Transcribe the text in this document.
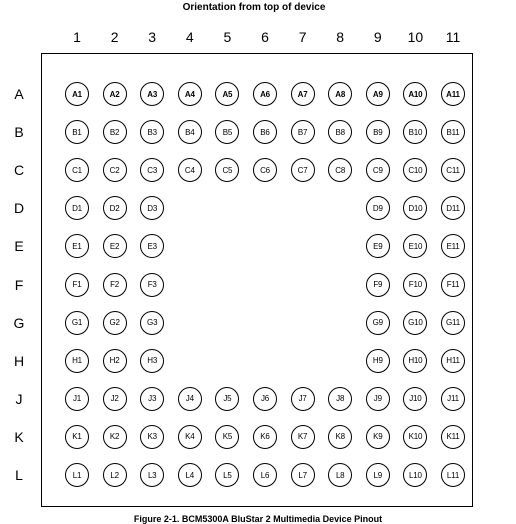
Orientation from top of device
1	2	3	4	5	6	7	8	9	10	11
A
B
C
D
E
F
G
H
J
K
L
A1	A2	A3	A4	A5	A6	A7	A8	A9	A10	A11
B1	B2	B3	B4	B5	B6	B7	B8	B9	B10	B11
C1	C2	C3	C4	C5	C6	C7	C8	C9	C10	C11
D1	D2	D3	D9	D10	D11
E1	E2	E3	E9	E10	E11
F1	F2	F3	F9	F10	F11
G1	G2	G3	G9	G10	G11
H1	H2	H3	H9	H10	H11
J1	J2	J3	J4	J5	J6	J7	J8	J9	J10	J11
K1	K2	K3	K4	K5	K6	K7	K8	K9	K10	K11
L1	L2	L3	L4	L5	L6	L7	L8	L9	L10	L11
Figure 2-1. BCM5300A BluStar 2 Multimedia Device Pinout
